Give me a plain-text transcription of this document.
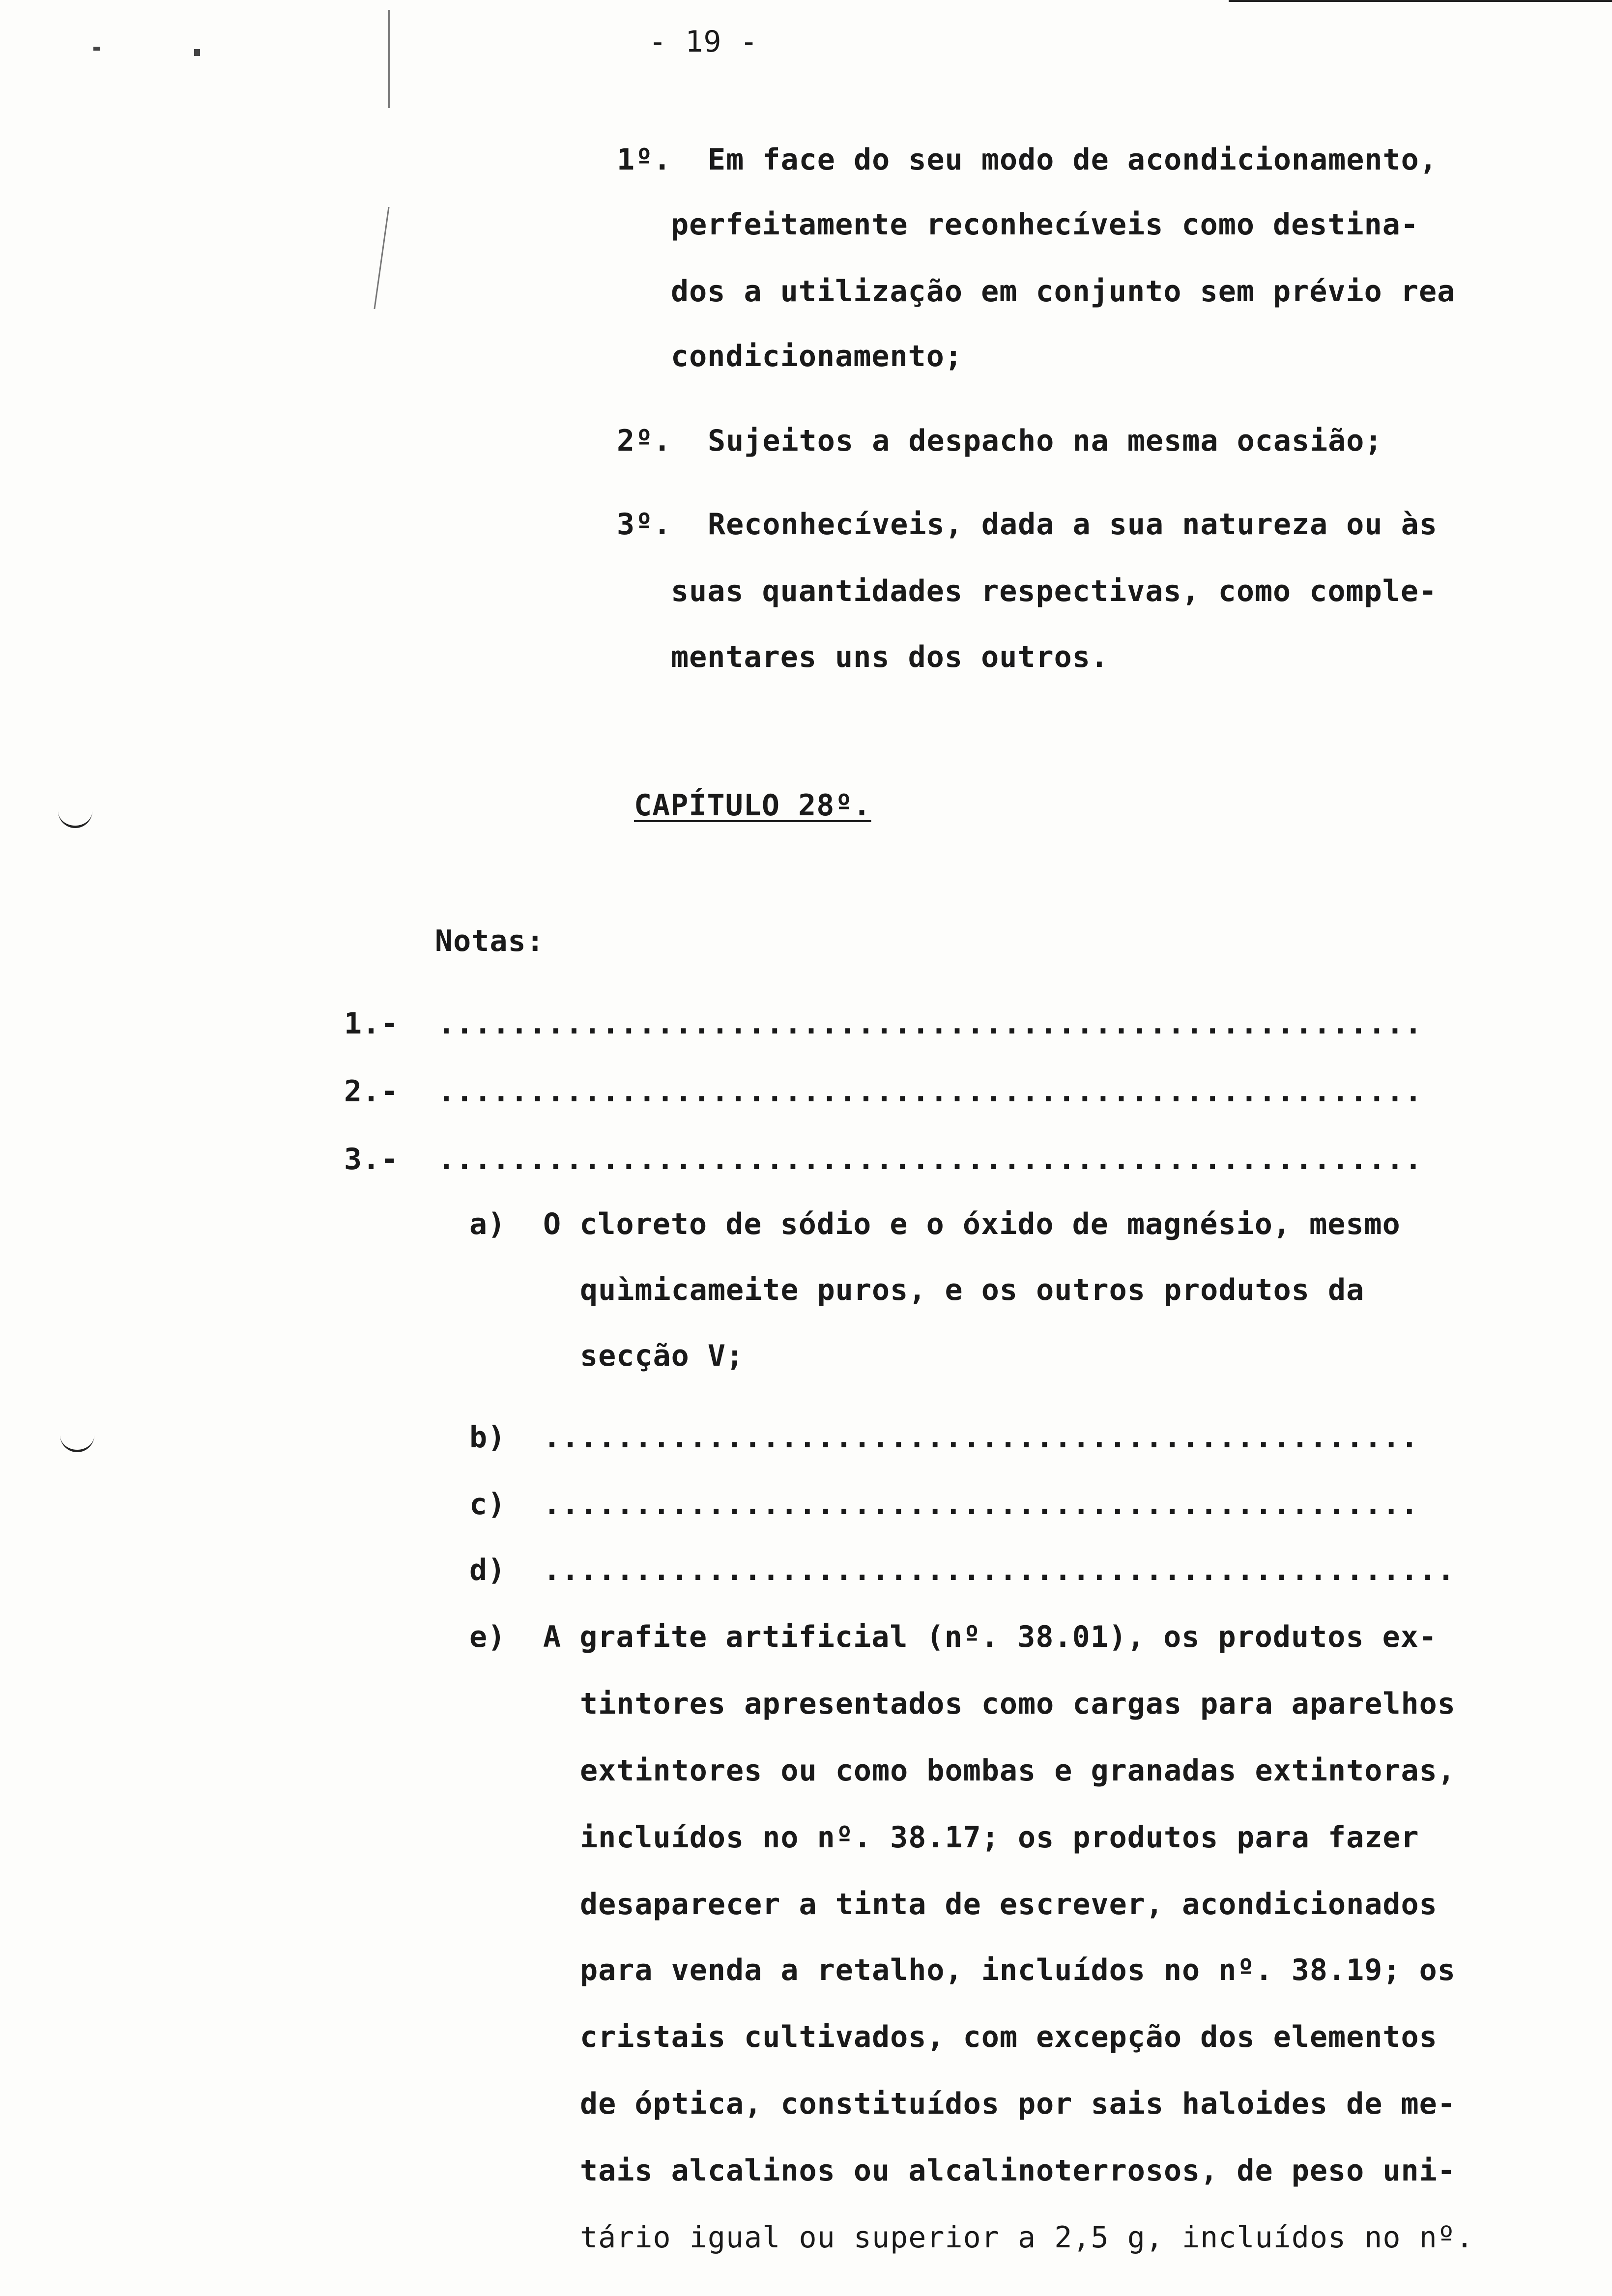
- 19 -
1º. Em face do seu modo de acondicionamento,
perfeitamente reconhecíveis como destina-
dos a utilização em conjunto sem prévio rea
condicionamento;
2º. Sujeitos a despacho na mesma ocasião;
3º. Reconhecíveis, dada a sua natureza ou às
suas quantidades respectivas, como comple-
mentares uns dos outros.
CAPÍTULO 28º.
Notas:
1.- ......................................................
2.- ......................................................
3.- ......................................................
a) O cloreto de sódio e o óxido de magnésio, mesmo
quìmicameite puros, e os outros produtos da
secção V;
b) ................................................
c) ................................................
d) ..................................................
e) A grafite artificial (nº. 38.01), os produtos ex-
tintores apresentados como cargas para aparelhos
extintores ou como bombas e granadas extintoras,
incluídos no nº. 38.17; os produtos para fazer
desaparecer a tinta de escrever, acondicionados
para venda a retalho, incluídos no nº. 38.19; os
cristais cultivados, com excepção dos elementos
de óptica, constituídos por sais haloides de me-
tais alcalinos ou alcalinoterrosos, de peso uni-
tário igual ou superior a 2,5 g, incluídos no nº.
